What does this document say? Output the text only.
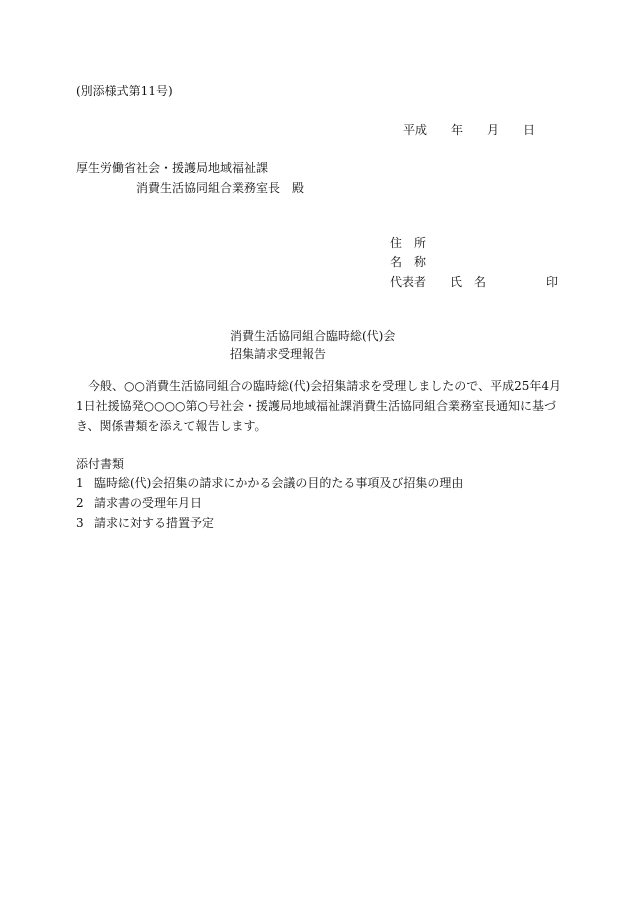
(別添様式第11号)

平成　　年　　月　　日

厚生労働省社会・援護局地域福祉課

消費生活協同組合業務室長　殿

住　所

名　称

代表者　　氏　名　　　　　印

消費生活協同組合臨時総(代)会

招集請求受理報告

今般、○○消費生活協同組合の臨時総(代)会招集請求を受理しましたので、平成25年4月

1日社援協発○○○○第○号社会・援護局地域福祉課消費生活協同組合業務室長通知に基づ

き、関係書類を添えて報告します。

添付書類

1 臨時総(代)会招集の請求にかかる会議の目的たる事項及び招集の理由

2 請求書の受理年月日

3 請求に対する措置予定
